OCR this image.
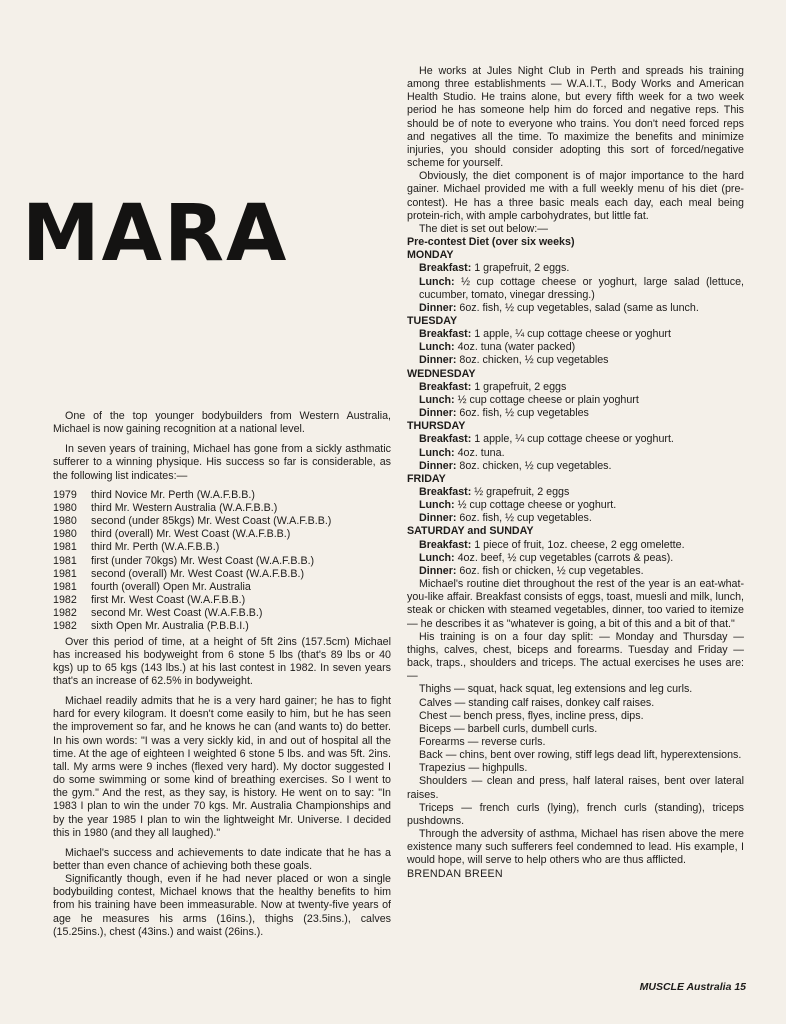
MARA

One of the top younger bodybuilders from Western Australia, Michael is now gaining recognition at a national level.

In seven years of training, Michael has gone from a sickly asthmatic sufferer to a winning physique. His success so far is considerable, as the following list indicates:—

1979	third Novice Mr. Perth (W.A.F.B.B.)
1980	third Mr. Western Australia (W.A.F.B.B.)
1980	second (under 85kgs) Mr. West Coast (W.A.F.B.B.)
1980	third (overall) Mr. West Coast (W.A.F.B.B.)
1981	third Mr. Perth (W.A.F.B.B.)
1981	first (under 70kgs) Mr. West Coast (W.A.F.B.B.)
1981	second (overall) Mr. West Coast (W.A.F.B.B.)
1981	fourth (overall) Open Mr. Australia
1982	first Mr. West Coast (W.A.F.B.B.)
1982	second Mr. West Coast (W.A.F.B.B.)
1982	sixth Open Mr. Australia (P.B.B.I.)

Over this period of time, at a height of 5ft 2ins (157.5cm) Michael has increased his bodyweight from 6 stone 5 lbs (that's 89 lbs or 40 kgs) up to 65 kgs (143 lbs.) at his last contest in 1982. In seven years that's an increase of 62.5% in bodyweight.

Michael readily admits that he is a very hard gainer; he has to fight hard for every kilogram. It doesn't come easily to him, but he has seen the improvement so far, and he knows he can (and wants to) do better. In his own words: "I was a very sickly kid, in and out of hospital all the time. At the age of eighteen I weighted 6 stone 5 lbs. and was 5ft. 2ins. tall. My arms were 9 inches (flexed very hard). My doctor suggested I do some swimming or some kind of breathing exercises. So I went to the gym." And the rest, as they say, is history. He went on to say: "In 1983 I plan to win the under 70 kgs. Mr. Australia Championships and by the year 1985 I plan to win the lightweight Mr. Universe. I decided this in 1980 (and they all laughed)."

Michael's success and achievements to date indicate that he has a better than even chance of achieving both these goals.

Significantly though, even if he had never placed or won a single bodybuilding contest, Michael knows that the healthy benefits to him from his training have been immeasurable. Now at twenty-five years of age he measures his arms (16ins.), thighs (23.5ins.), calves (15.25ins.), chest (43ins.) and waist (26ins.).

He works at Jules Night Club in Perth and spreads his training among three establishments — W.A.I.T., Body Works and American Health Studio. He trains alone, but every fifth week for a two week period he has someone help him do forced and negative reps. This should be of note to everyone who trains. You don't need forced reps and negatives all the time. To maximize the benefits and minimize injuries, you should consider adopting this sort of forced/negative scheme for yourself.

Obviously, the diet component is of major importance to the hard gainer. Michael provided me with a full weekly menu of his diet (pre-contest). He has a three basic meals each day, each meal being protein-rich, with ample carbohydrates, but little fat.

The diet is set out below:—

Pre-contest Diet (over six weeks)
MONDAY
Breakfast: 1 grapefruit, 2 eggs.
Lunch: ½ cup cottage cheese or yoghurt, large salad (lettuce, cucumber, tomato, vinegar dressing.)
Dinner: 6oz. fish, ½ cup vegetables, salad (same as lunch.
TUESDAY
Breakfast: 1 apple, ¼ cup cottage cheese or yoghurt
Lunch: 4oz. tuna (water packed)
Dinner: 8oz. chicken, ½ cup vegetables
WEDNESDAY
Breakfast: 1 grapefruit, 2 eggs
Lunch: ½ cup cottage cheese or plain yoghurt
Dinner: 6oz. fish, ½ cup vegetables
THURSDAY
Breakfast: 1 apple, ¼ cup cottage cheese or yoghurt.
Lunch: 4oz. tuna.
Dinner: 8oz. chicken, ½ cup vegetables.
FRIDAY
Breakfast: ½ grapefruit, 2 eggs
Lunch: ½ cup cottage cheese or yoghurt.
Dinner: 6oz. fish, ½ cup vegetables.
SATURDAY and SUNDAY
Breakfast: 1 piece of fruit, 1oz. cheese, 2 egg omelette.
Lunch: 4oz. beef, ½ cup vegetables (carrots & peas).
Dinner: 6oz. fish or chicken, ½ cup vegetables.

Michael's routine diet throughout the rest of the year is an eat-what-you-like affair. Breakfast consists of eggs, toast, muesli and milk, lunch, steak or chicken with steamed vegetables, dinner, too varied to itemize — he describes it as "whatever is going, a bit of this and a bit of that."

His training is on a four day split: — Monday and Thursday — thighs, calves, chest, biceps and forearms. Tuesday and Friday — back, traps., shoulders and triceps. The actual exercises he uses are:—

Thighs — squat, hack squat, leg extensions and leg curls.

Calves — standing calf raises, donkey calf raises.

Chest — bench press, flyes, incline press, dips.

Biceps — barbell curls, dumbell curls.

Forearms — reverse curls.

Back — chins, bent over rowing, stiff legs dead lift, hyperextensions.

Trapezius — highpulls.

Shoulders — clean and press, half lateral raises, bent over lateral raises.

Triceps — french curls (lying), french curls (standing), triceps pushdowns.

Through the adversity of asthma, Michael has risen above the mere existence many such sufferers feel condemned to lead. His example, I would hope, will serve to help others who are thus afflicted.

BRENDAN BREEN

MUSCLE Australia 15
